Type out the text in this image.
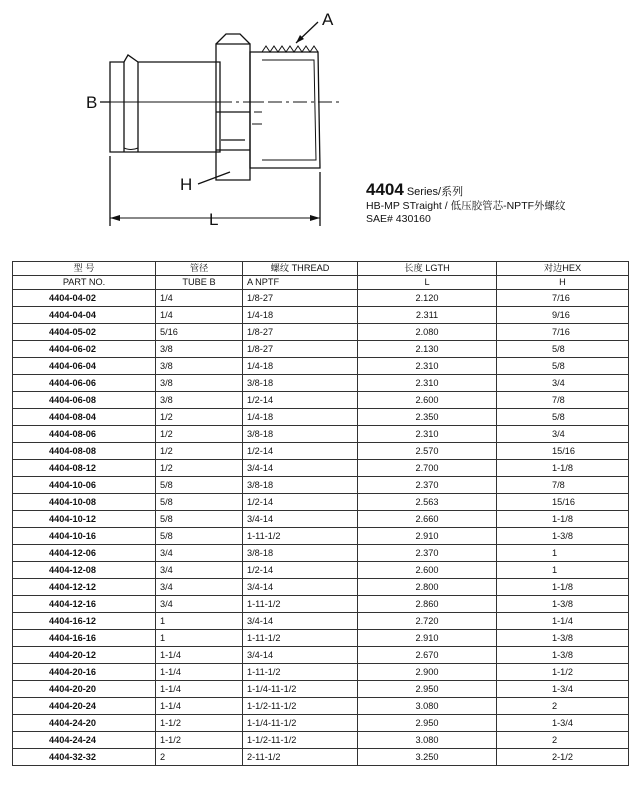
A
B
H
L
4404 Series/系列
HB-MP STraight / 低压胶管芯-NPTF外螺纹
SAE# 430160
型 号	管径	螺纹 THREAD	长度 LGTH	对边HEX
PART NO.	TUBE B	A NPTF	L	H
4404-04-02	1/4	1/8-27	2.120	7/16
4404-04-04	1/4	1/4-18	2.311	9/16
4404-05-02	5/16	1/8-27	2.080	7/16
4404-06-02	3/8	1/8-27	2.130	5/8
4404-06-04	3/8	1/4-18	2.310	5/8
4404-06-06	3/8	3/8-18	2.310	3/4
4404-06-08	3/8	1/2-14	2.600	7/8
4404-08-04	1/2	1/4-18	2.350	5/8
4404-08-06	1/2	3/8-18	2.310	3/4
4404-08-08	1/2	1/2-14	2.570	15/16
4404-08-12	1/2	3/4-14	2.700	1-1/8
4404-10-06	5/8	3/8-18	2.370	7/8
4404-10-08	5/8	1/2-14	2.563	15/16
4404-10-12	5/8	3/4-14	2.660	1-1/8
4404-10-16	5/8	1-11-1/2	2.910	1-3/8
4404-12-06	3/4	3/8-18	2.370	1
4404-12-08	3/4	1/2-14	2.600	1
4404-12-12	3/4	3/4-14	2.800	1-1/8
4404-12-16	3/4	1-11-1/2	2.860	1-3/8
4404-16-12	1	3/4-14	2.720	1-1/4
4404-16-16	1	1-11-1/2	2.910	1-3/8
4404-20-12	1-1/4	3/4-14	2.670	1-3/8
4404-20-16	1-1/4	1-11-1/2	2.900	1-1/2
4404-20-20	1-1/4	1-1/4-11-1/2	2.950	1-3/4
4404-20-24	1-1/4	1-1/2-11-1/2	3.080	2
4404-24-20	1-1/2	1-1/4-11-1/2	2.950	1-3/4
4404-24-24	1-1/2	1-1/2-11-1/2	3.080	2
4404-32-32	2	2-11-1/2	3.250	2-1/2
